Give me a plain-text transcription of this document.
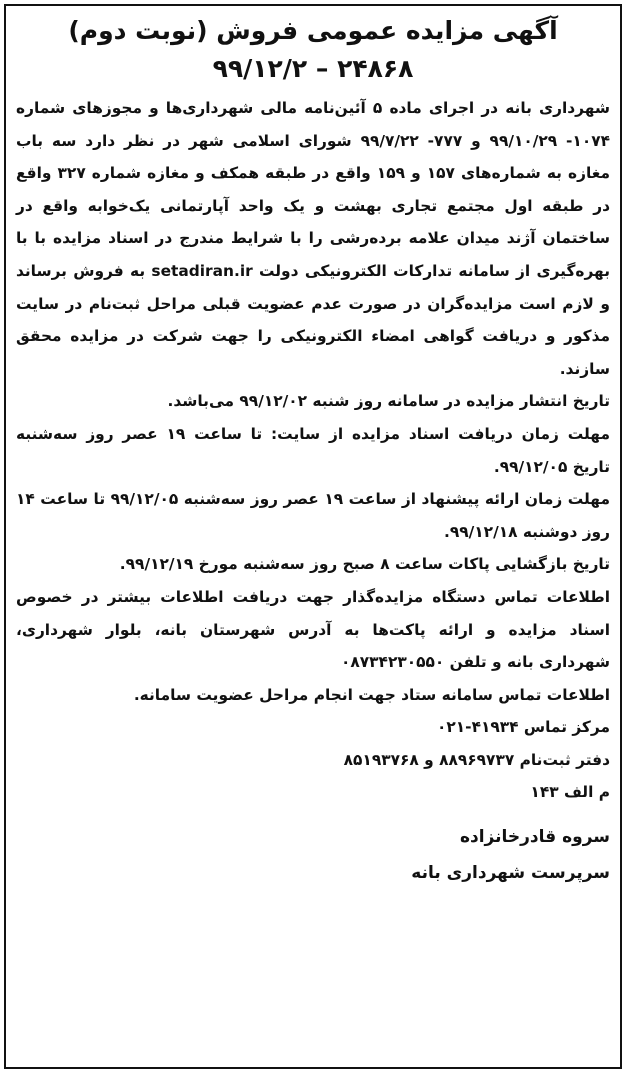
آگهی مزایده عمومی فروش (نوبت دوم)

۲۴۸۶۸ – ۹۹/۱۲/۲

شهرداری بانه در اجرای ماده ۵ آئین‌نامه مالی شهرداری‌ها و مجوزهای شماره ۱۰۷۴- ۹۹/۱۰/۲۹ و ۷۷۷- ۹۹/۷/۲۲ شورای اسلامی شهر در نظر دارد سه باب مغازه به شماره‌های ۱۵۷ و ۱۵۹ واقع در طبقه همکف و مغازه شماره ۳۲۷ واقع در طبقه اول مجتمع تجاری بهشت و یک واحد آپارتمانی یک‌خوابه واقع در ساختمان آژند میدان علامه برده‌رشی را با شرایط مندرج در اسناد مزایده با با بهره‌گیری از سامانه تدارکات الکترونیکی دولت setadiran.ir به فروش برساند و لازم است مزایده‌گران در صورت عدم عضویت قبلی مراحل ثبت‌نام در سایت مذکور و دریافت گواهی امضاء الکترونیکی را جهت شرکت در مزایده محقق سازند.

تاریخ انتشار مزایده در سامانه روز شنبه ۹۹/۱۲/۰۲ می‌باشد.

مهلت زمان دریافت اسناد مزایده از سایت: تا ساعت ۱۹ عصر روز سه‌شنبه تاریخ ۹۹/۱۲/۰۵.

مهلت زمان ارائه پیشنهاد از ساعت ۱۹ عصر روز سه‌شنبه ۹۹/۱۲/۰۵ تا ساعت ۱۴ روز دوشنبه ۹۹/۱۲/۱۸.

تاریخ بازگشایی پاکات ساعت ۸ صبح روز سه‌شنبه مورخ ۹۹/۱۲/۱۹.

اطلاعات تماس دستگاه مزایده‌گذار جهت دریافت اطلاعات بیشتر در خصوص اسناد مزایده و ارائه پاکت‌ها به آدرس شهرستان بانه، بلوار شهرداری، شهرداری بانه و تلفن ۰۸۷۳۴۲۳۰۵۵۰

اطلاعات تماس سامانه ستاد جهت انجام مراحل عضویت سامانه.

مرکز تماس ۴۱۹۳۴-۰۲۱

دفتر ثبت‌نام ۸۸۹۶۹۷۳۷ و ۸۵۱۹۳۷۶۸

م الف ۱۴۳

سروه قادرخانزاده

سرپرست شهرداری بانه
